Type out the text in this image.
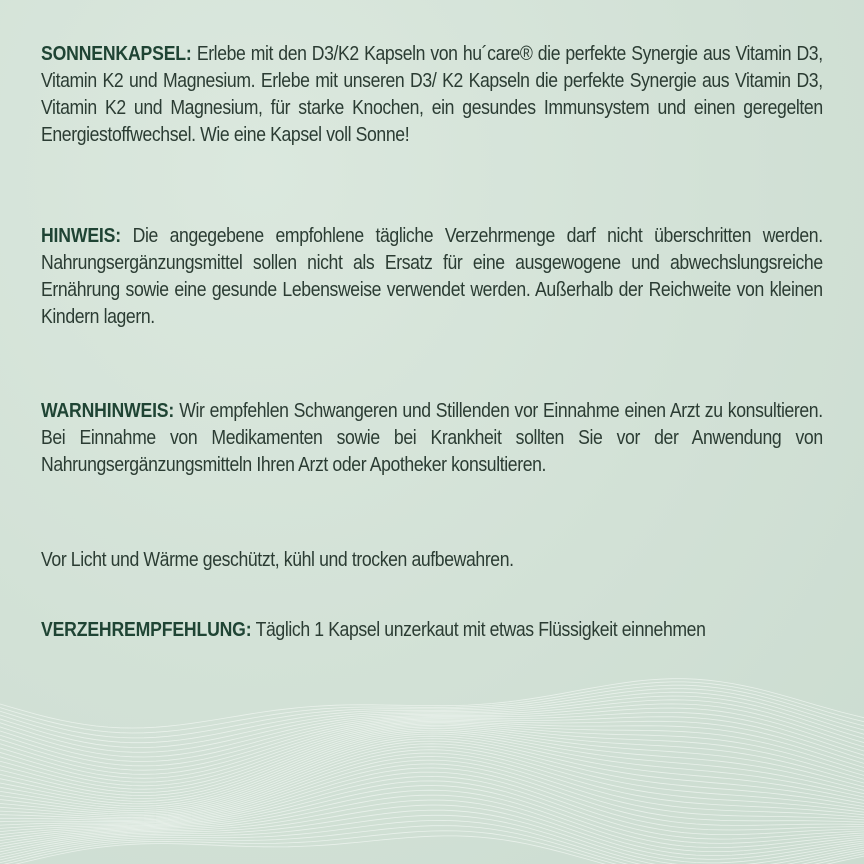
SONNENKAPSEL: Erlebe mit den D3/K2 Kapseln von hu´care® die perfekte Synergie aus Vitamin D3, Vitamin K2 und Magnesium. Erlebe mit unseren D3/ K2 Kapseln die perfekte Synergie aus Vitamin D3, Vitamin K2 und Magnesium, für starke Knochen, ein gesundes Immunsystem und einen geregelten Energiestoffwechsel. Wie eine Kapsel voll Sonne!

HINWEIS: Die angegebene empfohlene tägliche Verzehrmenge darf nicht überschritten werden. Nahrungsergänzungsmittel sollen nicht als Ersatz für eine ausgewogene und abwechslungsreiche Ernährung sowie eine gesunde Lebensweise verwendet werden. Außerhalb der Reichweite von kleinen Kindern lagern.

WARNHINWEIS: Wir empfehlen Schwangeren und Stillenden vor Einnahme einen Arzt zu konsultieren. Bei Einnahme von Medikamenten sowie bei Krankheit sollten Sie vor der Anwendung von Nahrungsergänzungsmitteln Ihren Arzt oder Apotheker konsultieren.

Vor Licht und Wärme geschützt, kühl und trocken aufbewahren.

VERZEHREMPFEHLUNG: Täglich 1 Kapsel unzerkaut mit etwas Flüssigkeit einnehmen
